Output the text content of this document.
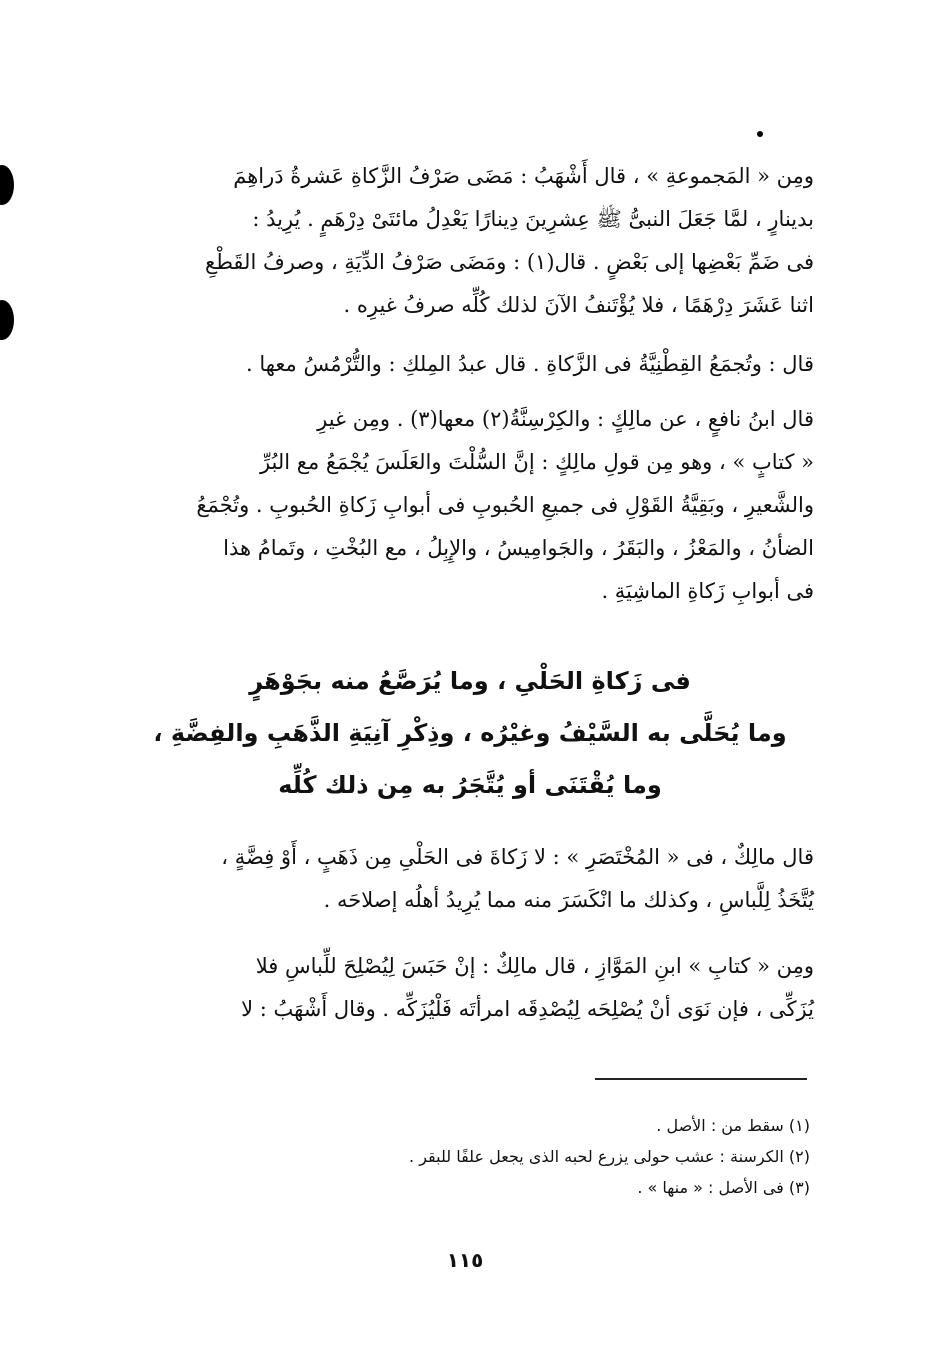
ومِن « المَجموعةِ » ، قال أَشْهَبُ : مَضَى صَرْفُ الزَّكاةِ عَشرةُ دَراهِمَ

بدينارٍ ، لمَّا جَعَلَ النبىُّ ﷺ عِشرِينَ دِينارًا يَعْدِلُ مائتَىْ دِرْهَمٍ . يُرِيدُ :

فى ضَمِّ بَعْضِها إلى بَعْضٍ . قال(١) : ومَضَى صَرْفُ الدِّيَةِ ، وصرفُ القَطْعِ

اثنا عَشَرَ دِرْهَمًا ، فلا يُؤْتَنفُ الآنَ لذلك كُلِّه صرفُ غيرِه .

قال : وتُجمَعُ القِطْنِيَّةُ فى الزَّكاةِ . قال عبدُ المِلكِ : والتُّرْمُسُ معها .

قال ابنُ نافعٍ ، عن مالِكٍ : والكِرْسِنَّةُ(٢) معها(٣) . ومِن غيرِ

« كتابٍ » ، وهو مِن قولِ مالِكٍ : إنَّ السُّلْتَ والعَلَسَ يُجْمَعُ مع البُرِّ

والشَّعيرِ ، وبَقِيَّةُ القَوْلِ فى جميعِ الحُبوبِ فى أبوابِ زَكاةِ الحُبوبِ . وتُجْمَعُ

الضأنُ ، والمَعْزُ ، والبَقَرُ ، والجَوامِيسُ ، والإِبِلُ ، مع البُخْتِ ، وتَمامُ هذا

فى أبوابِ زَكاةِ الماشِيَةِ .

فى زَكاةِ الحَلْىِ ، وما يُرَصَّعُ منه بجَوْهَرٍ
وما يُحَلَّى به السَّيْفُ وغيْرُه ، وذِكْرِ آنِيَةِ الذَّهَبِ والفِضَّةِ ،
وما يُقْتَنَى أو يُتَّجَرُ به مِن ذلك كُلِّه

قال مالِكٌ ، فى « المُخْتَصَرِ » : لا زَكاةَ فى الحَلْىِ مِن ذَهَبٍ ، أَوْ فِضَّةٍ ،

يُتَّخَذُ لِلَّباسِ ، وكذلك ما انْكَسَرَ منه مما يُرِيدُ أهلُه إصلاحَه .

ومِن « كتابِ » ابنِ المَوَّازِ ، قال مالِكٌ : إنْ حَبَسَ لِيُصْلِحَ للِّباسِ فلا

يُزَكِّى ، فإن نَوَى أنْ يُصْلِحَه لِيُصْدِقَه امرأتَه فَلْيُزَكِّه . وقال أَشْهَبُ : لا

(١) سقط من : الأصل .
(٢) الكرسنة : عشب حولى يزرع لحبه الذى يجعل علفًا للبقر .
(٣) فى الأصل : « منها » .
١١٥
